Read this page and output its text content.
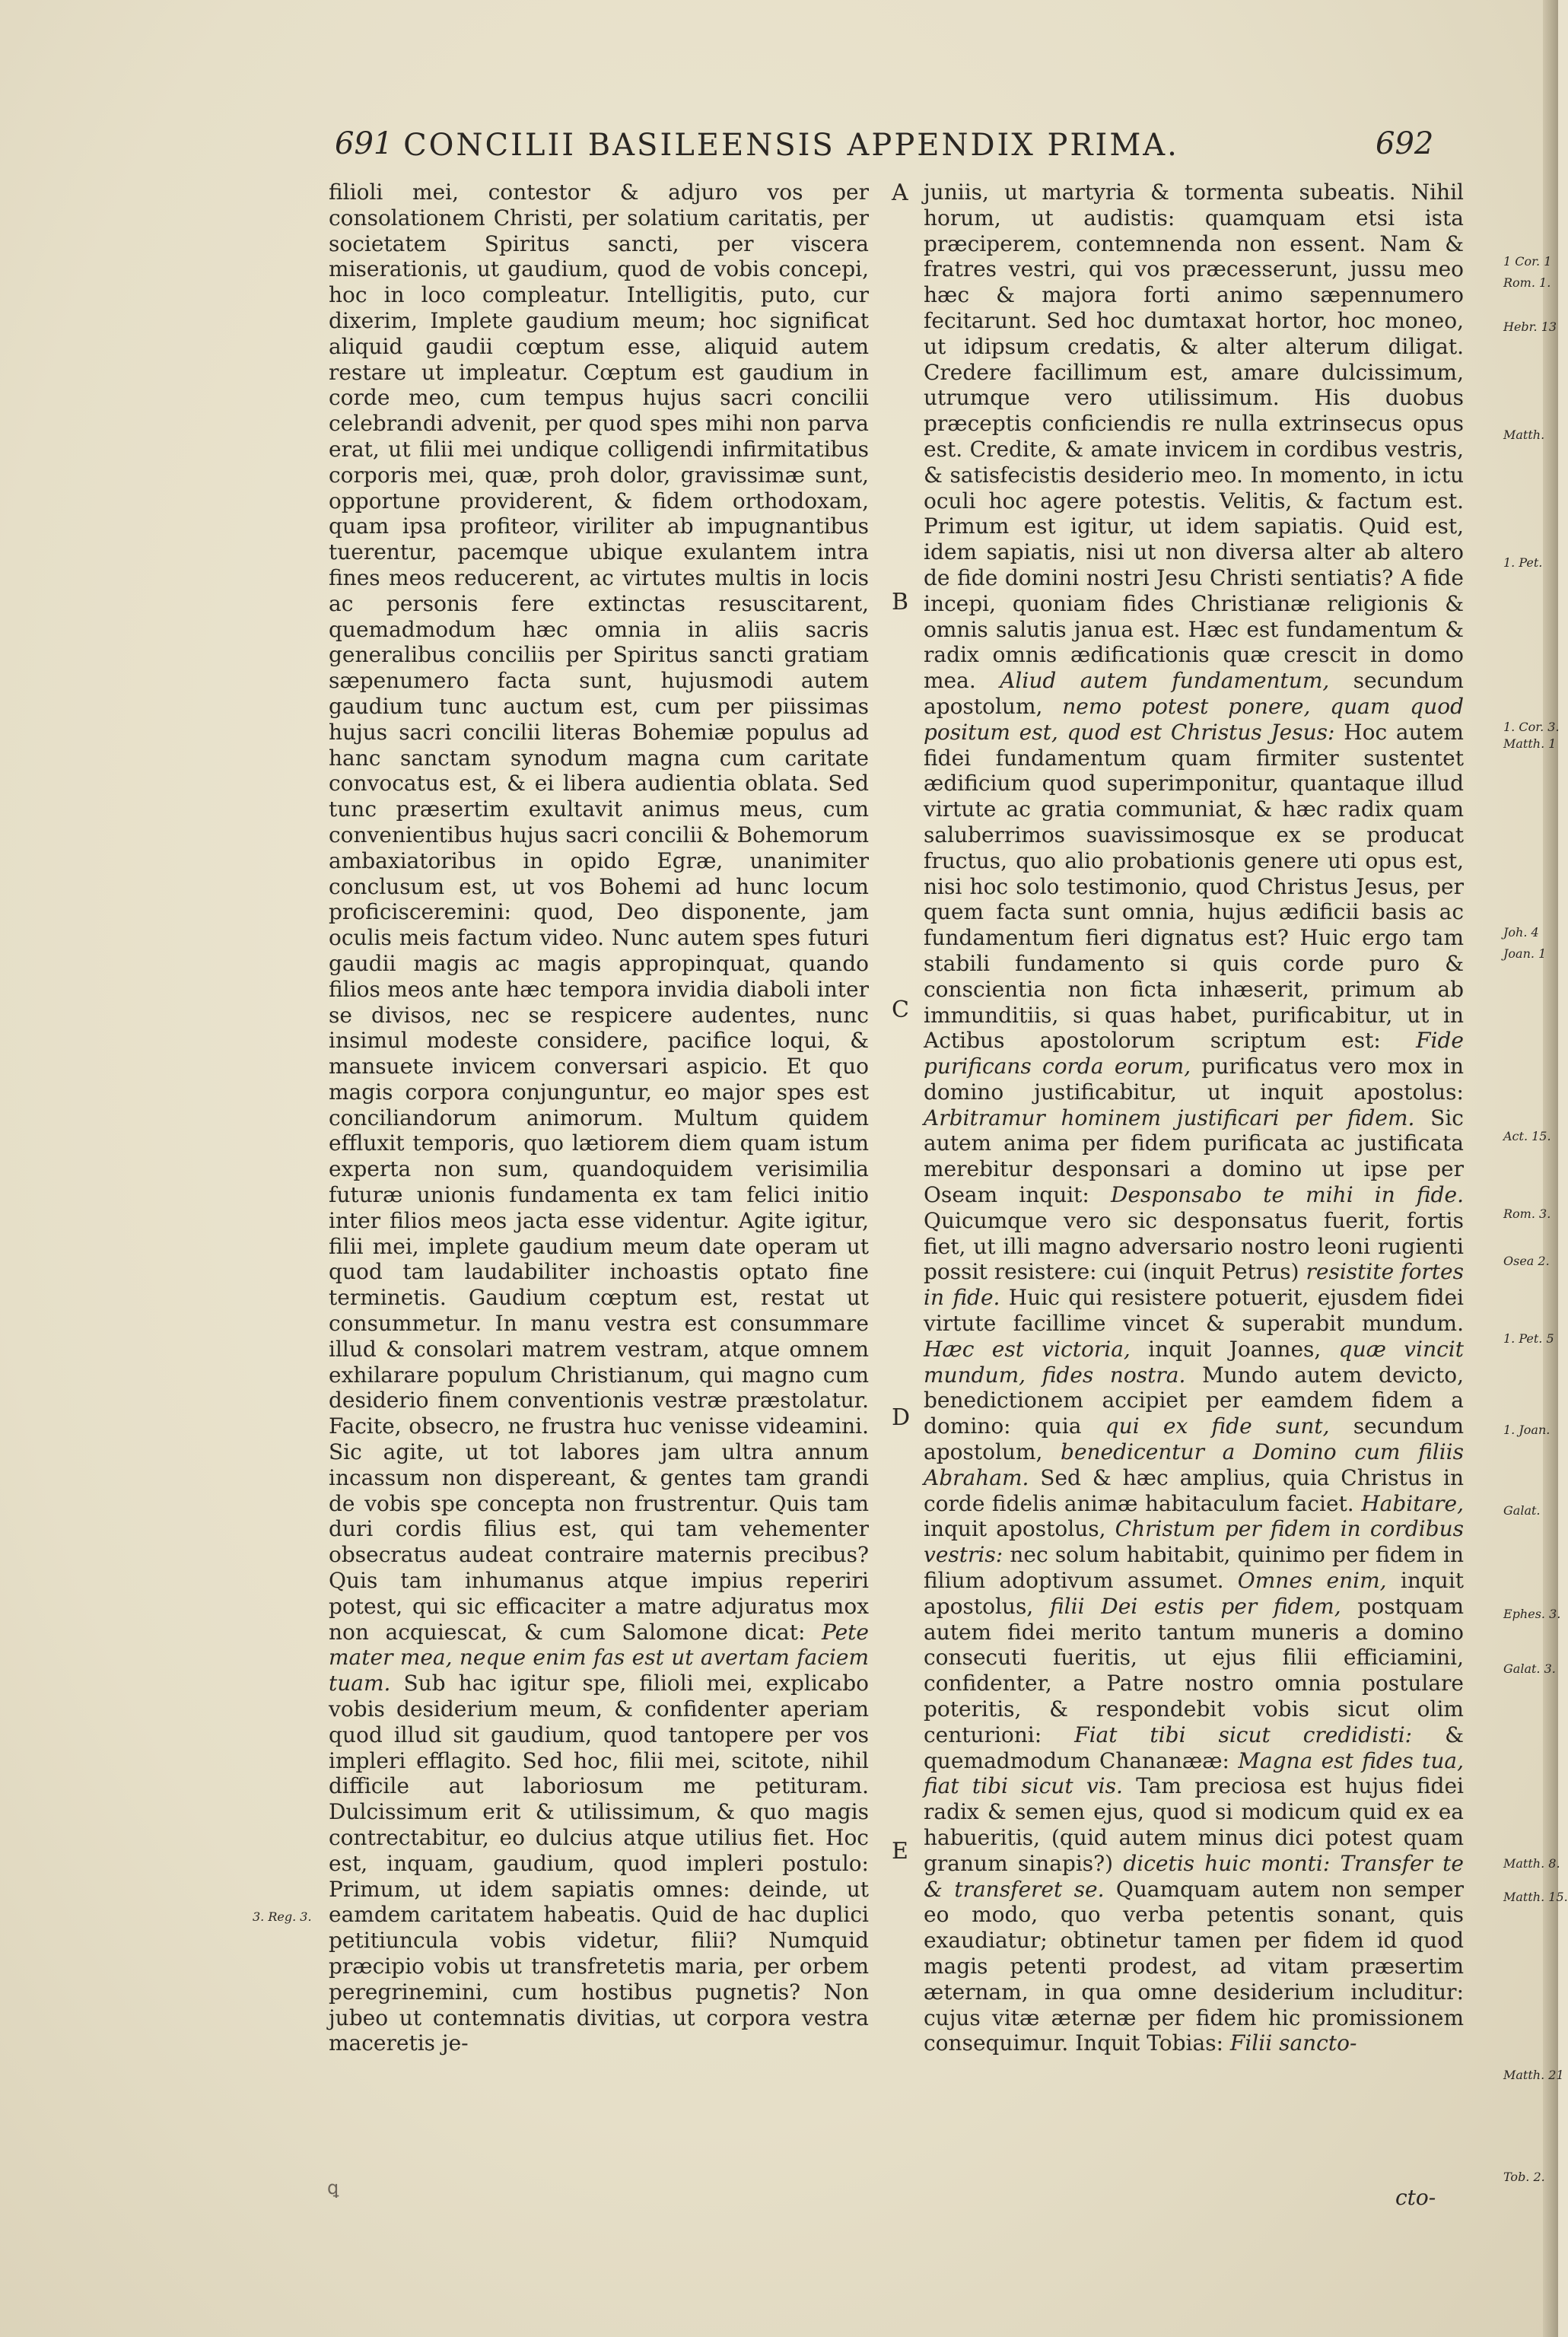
691 CONCILII BASILEENSIS APPENDIX PRIMA.	692

filioli mei, contestor & adjuro vos per consolationem Christi, per solatium caritatis, per societatem Spiritus sancti, per viscera miserationis, ut gaudium, quod de vobis concepi, hoc in loco compleatur. Intelligitis, puto, cur dixerim, Implete gaudium meum; hoc significat aliquid gaudii cœptum esse, aliquid autem restare ut impleatur. Cœptum est gaudium in corde meo, cum tempus hujus sacri concilii celebrandi advenit, per quod spes mihi non parva erat, ut filii mei undique colligendi infirmitatibus corporis mei, quæ, proh dolor, gravissimæ sunt, opportune providerent, & fidem orthodoxam, quam ipsa profiteor, viriliter ab impugnantibus tuerentur, pacemque ubique exulantem intra fines meos reducerent, ac virtutes multis in locis ac personis fere extinctas resuscitarent, quemadmodum hæc omnia in aliis sacris generalibus conciliis per Spiritus sancti gratiam sæpenumero facta sunt, hujusmodi autem gaudium tunc auctum est, cum per piissimas hujus sacri concilii literas Bohemiæ populus ad hanc sanctam synodum magna cum caritate convocatus est, & ei libera audientia oblata. Sed tunc præsertim exultavit animus meus, cum convenientibus hujus sacri concilii & Bohemorum ambaxiatoribus in opido Egræ, unanimiter conclusum est, ut vos Bohemi ad hunc locum proficisceremini: quod, Deo disponente, jam oculis meis factum video. Nunc autem spes futuri gaudii magis ac magis appropinquat, quando filios meos ante hæc tempora invidia diaboli inter se divisos, nec se respicere audentes, nunc insimul modeste considere, pacifice loqui, & mansuete invicem conversari aspicio. Et quo magis corpora conjunguntur, eo major spes est conciliandorum animorum. Multum quidem effluxit temporis, quo lætiorem diem quam istum experta non sum, quandoquidem verisimilia futuræ unionis fundamenta ex tam felici initio inter filios meos jacta esse videntur. Agite igitur, filii mei, implete gaudium meum date operam ut quod tam laudabiliter inchoastis optato fine terminetis. Gaudium cœptum est, restat ut consummetur. In manu vestra est consummare illud & consolari matrem vestram, atque omnem exhilarare populum Christianum, qui magno cum desiderio finem conventionis vestræ præstolatur. Facite, obsecro, ne frustra huc venisse videamini. Sic agite, ut tot labores jam ultra annum incassum non dispereant, & gentes tam grandi de vobis spe concepta non frustrentur. Quis tam duri cordis filius est, qui tam vehementer obsecratus audeat contraire maternis precibus? Quis tam inhumanus atque impius reperiri potest, qui sic efficaciter a matre adjuratus mox non acquiescat, & cum Salomone dicat: Pete mater mea, neque enim fas est ut avertam faciem tuam. Sub hac igitur spe, filioli mei, explicabo vobis desiderium meum, & confidenter aperiam quod illud sit gaudium, quod tantopere per vos impleri efflagito. Sed hoc, filii mei, scitote, nihil difficile aut laboriosum me petituram. Dulcissimum erit & utilissimum, & quo magis contrectabitur, eo dulcius atque utilius fiet. Hoc est, inquam, gaudium, quod impleri postulo: Primum, ut idem sapiatis omnes: deinde, ut eamdem caritatem habeatis. Quid de hac duplici petitiuncula vobis videtur, filii? Numquid præcipio vobis ut transfretetis maria, per orbem peregrinemini, cum hostibus pugnetis? Non jubeo ut contemnatis divitias, ut corpora vestra maceretis je-

A
B
C
D
E

juniis, ut martyria & tormenta subeatis. Nihil horum, ut audistis: quamquam etsi ista præciperem, contemnenda non essent. Nam & fratres vestri, qui vos præcesserunt, jussu meo hæc & majora forti animo sæpennumero fecitarunt. Sed hoc dumtaxat hortor, hoc moneo, ut idipsum credatis, & alter alterum diligat. Credere facillimum est, amare dulcissimum, utrumque vero utilissimum. His duobus præceptis conficiendis re nulla extrinsecus opus est. Credite, & amate invicem in cordibus vestris, & satisfecistis desiderio meo. In momento, in ictu oculi hoc agere potestis. Velitis, & factum est. Primum est igitur, ut idem sapiatis. Quid est, idem sapiatis, nisi ut non diversa alter ab altero de fide domini nostri Jesu Christi sentiatis? A fide incepi, quoniam fides Christianæ religionis & omnis salutis janua est. Hæc est fundamentum & radix omnis ædificationis quæ crescit in domo mea. Aliud autem fundamentum, secundum apostolum, nemo potest ponere, quam quod positum est, quod est Christus Jesus: Hoc autem fidei fundamentum quam firmiter sustentet ædificium quod superimponitur, quantaque illud virtute ac gratia communiat, & hæc radix quam saluberrimos suavissimosque ex se producat fructus, quo alio probationis genere uti opus est, nisi hoc solo testimonio, quod Christus Jesus, per quem facta sunt omnia, hujus ædificii basis ac fundamentum fieri dignatus est? Huic ergo tam stabili fundamento si quis corde puro & conscientia non ficta inhæserit, primum ab immunditiis, si quas habet, purificabitur, ut in Actibus apostolorum scriptum est: Fide purificans corda eorum, purificatus vero mox in domino justificabitur, ut inquit apostolus: Arbitramur hominem justificari per fidem. Sic autem anima per fidem purificata ac justificata merebitur desponsari a domino ut ipse per Oseam inquit: Desponsabo te mihi in fide. Quicumque vero sic desponsatus fuerit, fortis fiet, ut illi magno adversario nostro leoni rugienti possit resistere: cui (inquit Petrus) resistite fortes in fide. Huic qui resistere potuerit, ejusdem fidei virtute facillime vincet & superabit mundum. Hæc est victoria, inquit Joannes, quæ vincit mundum, fides nostra. Mundo autem devicto, benedictionem accipiet per eamdem fidem a domino: quia qui ex fide sunt, secundum apostolum, benedicentur a Domino cum filiis Abraham. Sed & hæc amplius, quia Christus in corde fidelis animæ habitaculum faciet. Habitare, inquit apostolus, Christum per fidem in cordibus vestris: nec solum habitabit, quinimo per fidem in filium adoptivum assumet. Omnes enim, inquit apostolus, filii Dei estis per fidem, postquam autem fidei merito tantum muneris a domino consecuti fueritis, ut ejus filii efficiamini, confidenter, a Patre nostro omnia postulare poteritis, & respondebit vobis sicut olim centurioni: Fiat tibi sicut credidisti: & quemadmodum Chananææ: Magna est fides tua, fiat tibi sicut vis. Tam preciosa est hujus fidei radix & semen ejus, quod si modicum quid ex ea habueritis, (quid autem minus dici potest quam granum sinapis?) dicetis huic monti: Transfer te & transferet se. Quamquam autem non semper eo modo, quo verba petentis sonant, quis exaudiatur; obtinetur tamen per fidem id quod magis petenti prodest, ad vitam præsertim æternam, in qua omne desiderium includitur: cujus vitæ æternæ per fidem hic promissionem consequimur. Inquit Tobias: Filii sancto-

cto-
ꝗ
3. Reg. 3.
1 Cor. 1
Rom. 1.
Hebr. 13
Matth.
1. Pet.
1. Cor. 3.
Matth. 1
Joh. 4
Joan. 1
Act. 15.
Rom. 3.
Osea 2.
1. Pet. 5
1. Joan.
Galat.
Ephes. 3.
Galat. 3.
Matth. 8.
Matth. 15.
Matth. 21
Tob. 2.
